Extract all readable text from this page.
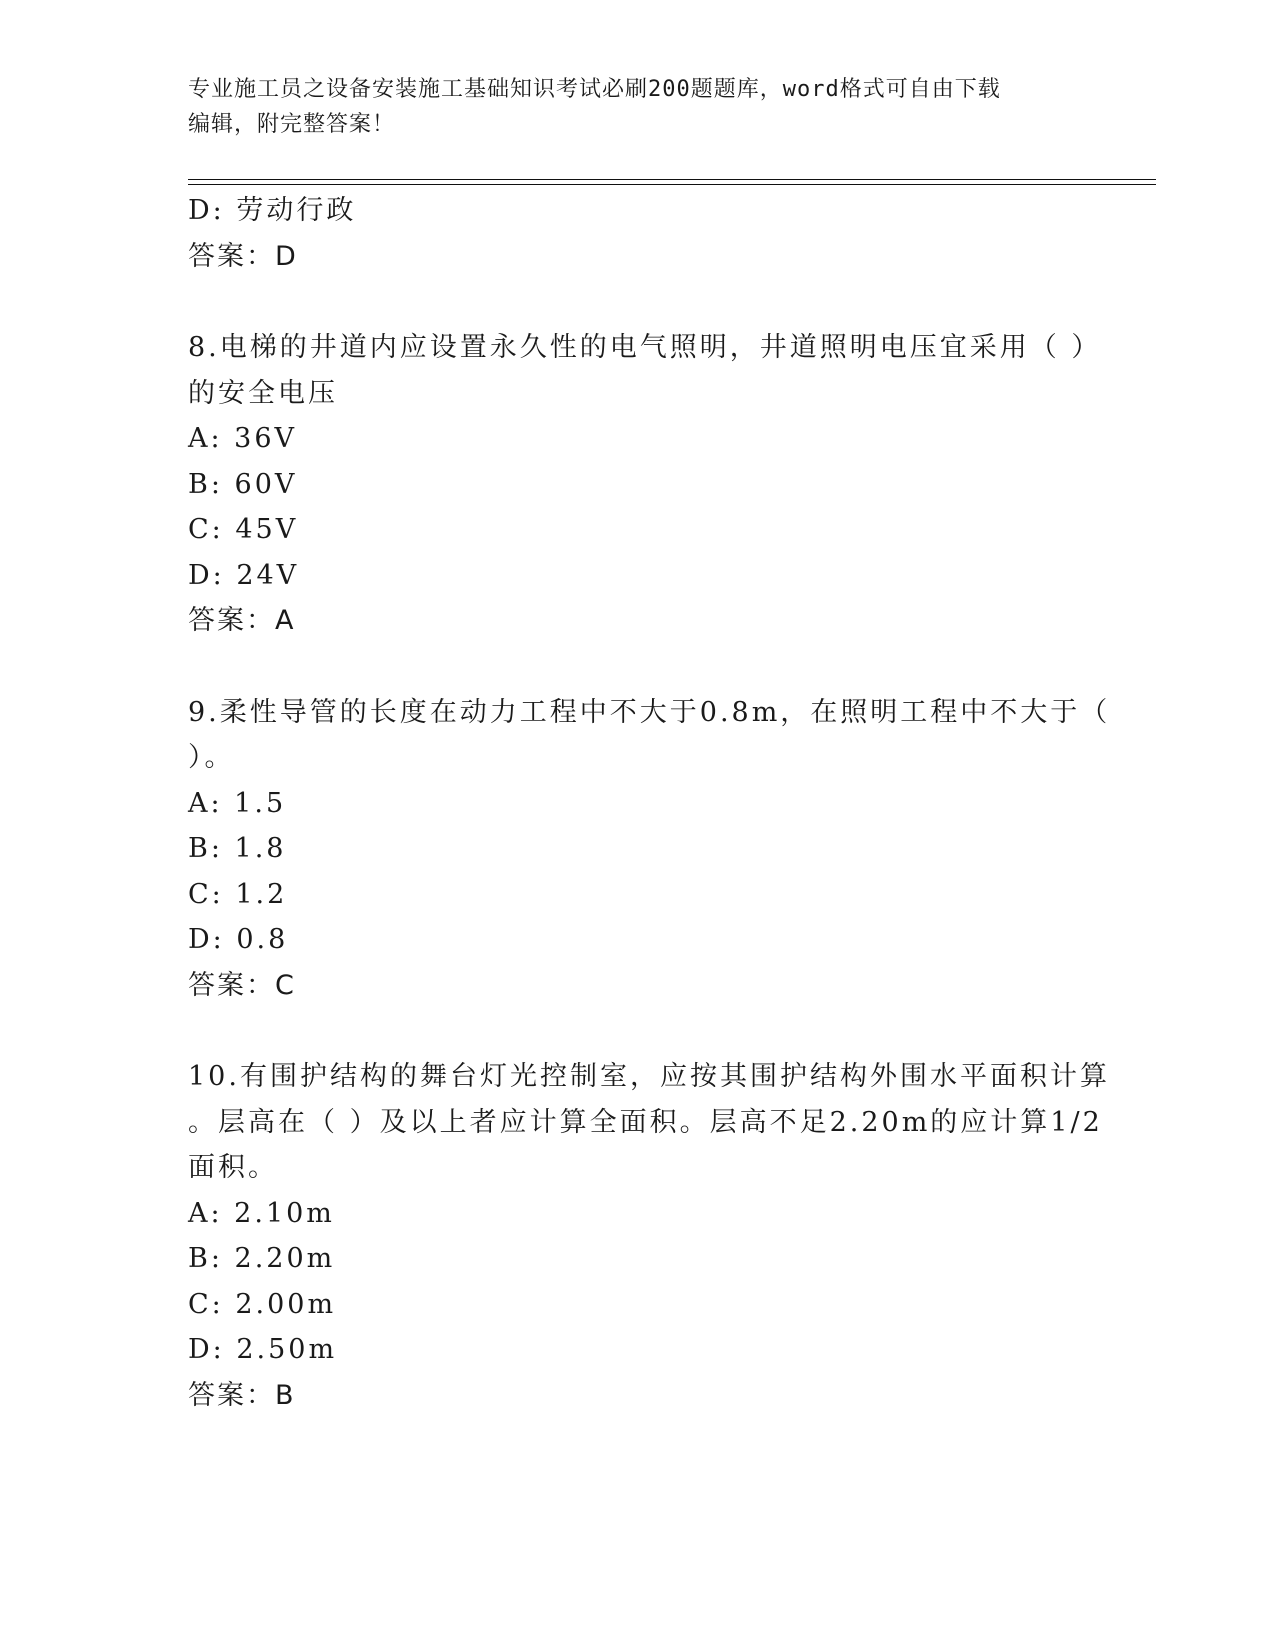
专业施工员之设备安装施工基础知识考试必刷200题题库，word格式可自由下载
编辑，附完整答案！
D: 劳动行政
答案：D
8.电梯的井道内应设置永久性的电气照明，井道照明电压宜采用（ ）
的安全电压
A: 36V
B: 60V
C: 45V
D: 24V
答案：A
9.柔性导管的长度在动力工程中不大于0.8m，在照明工程中不大于（
）。
A: 1.5
B: 1.8
C: 1.2
D: 0.8
答案：C
10.有围护结构的舞台灯光控制室，应按其围护结构外围水平面积计算
。层高在（ ）及以上者应计算全面积。层高不足2.20m的应计算1/2
面积。
A: 2.10m
B: 2.20m
C: 2.00m
D: 2.50m
答案：B
